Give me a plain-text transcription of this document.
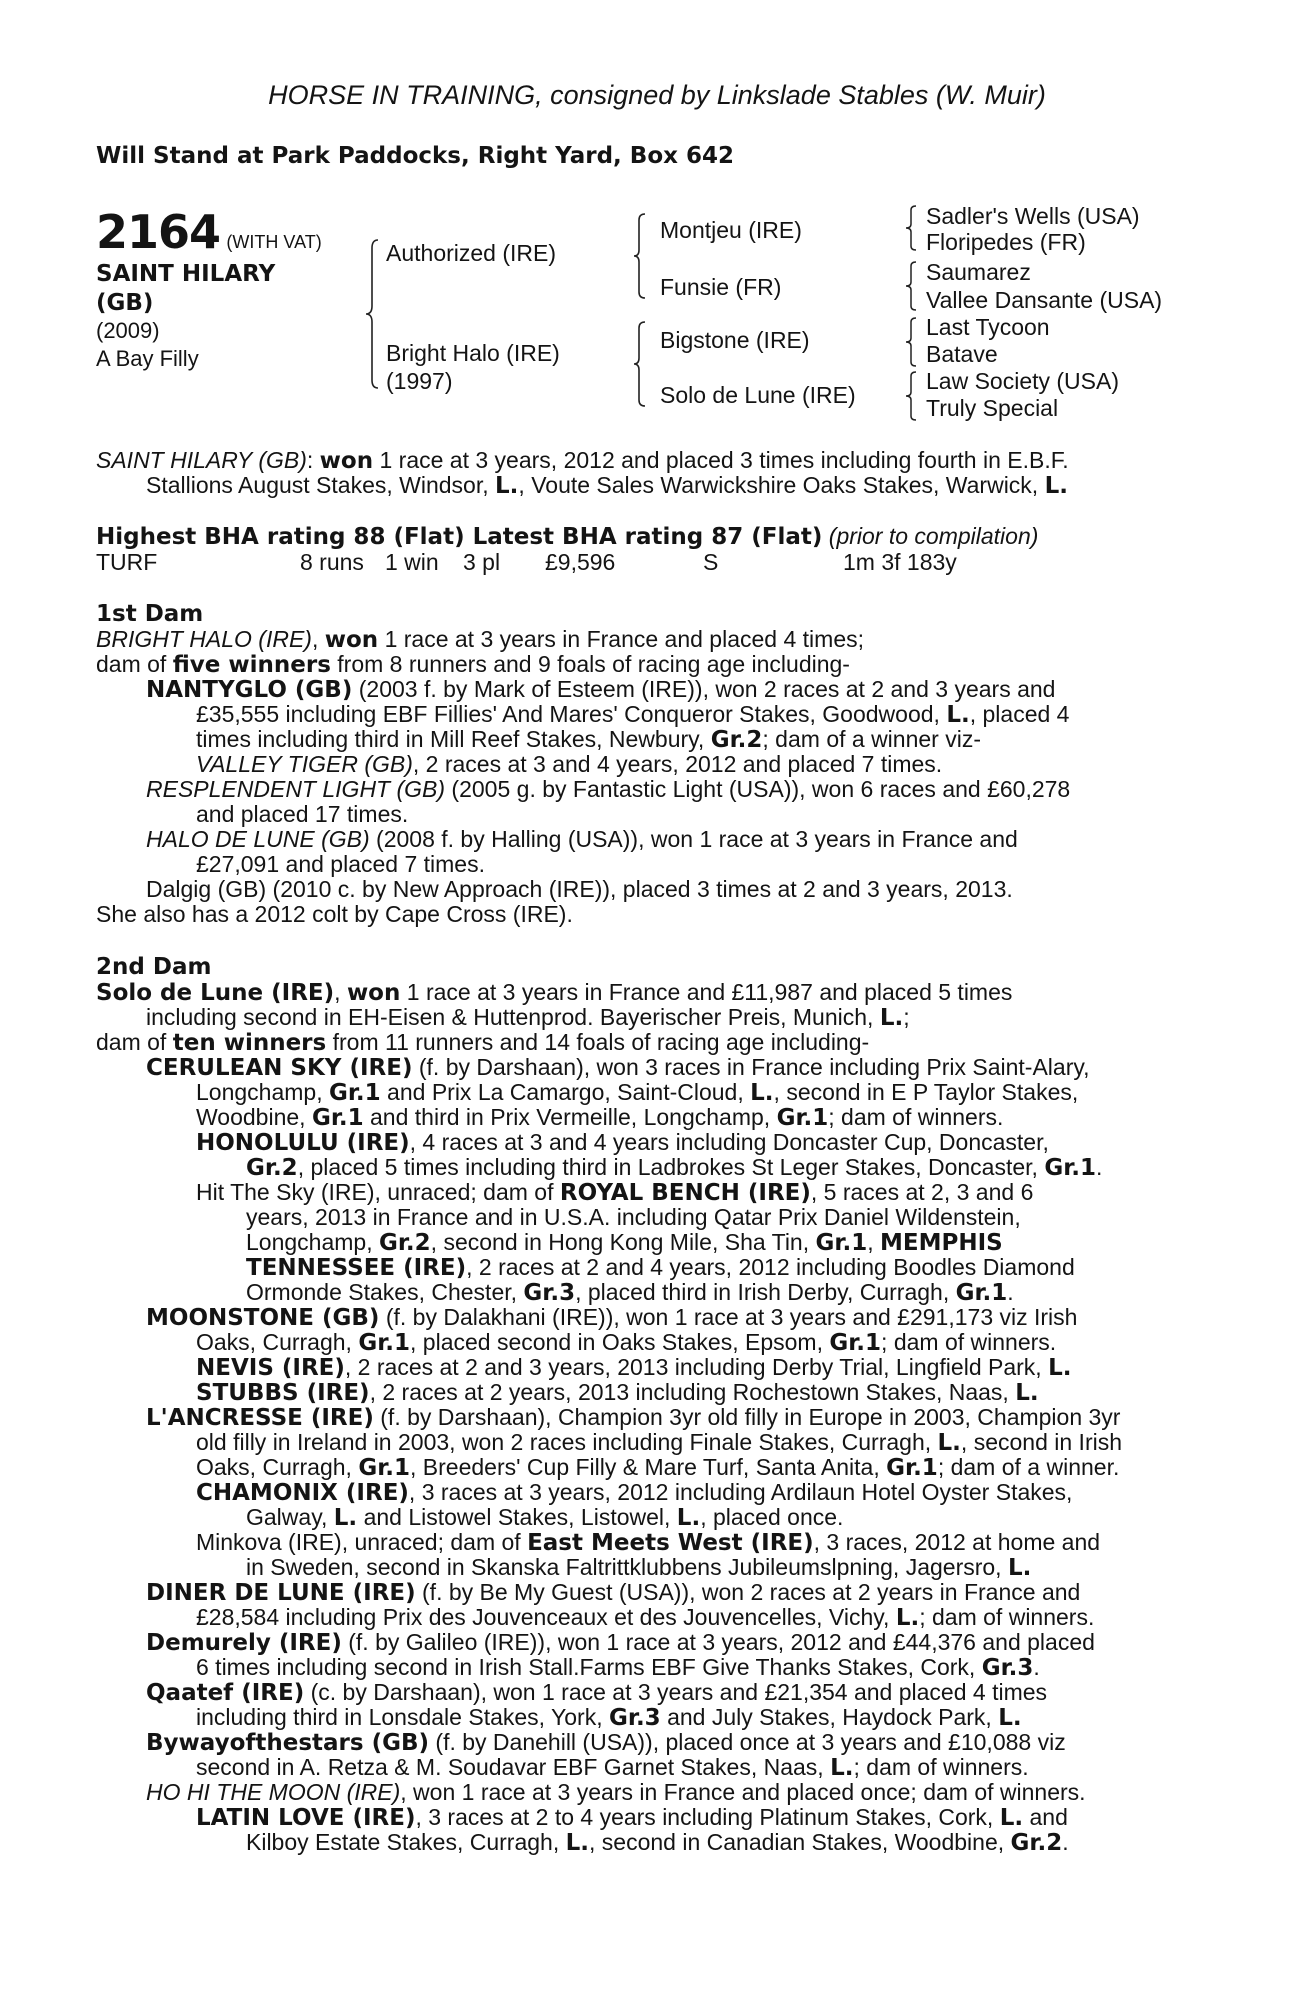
HORSE IN TRAINING, consigned by Linkslade Stables (W. Muir)
Will Stand at Park Paddocks, Right Yard, Box 642
2164 (WITH VAT)
SAINT HILARY
(GB)
(2009)
A Bay Filly
Authorized (IRE)
Bright Halo (IRE)
(1997)
Montjeu (IRE)
Funsie (FR)
Bigstone (IRE)
Solo de Lune (IRE)
Sadler's Wells (USA)
Floripedes (FR)
Saumarez
Vallee Dansante (USA)
Last Tycoon
Batave
Law Society (USA)
Truly Special
SAINT HILARY (GB): won 1 race at 3 years, 2012 and placed 3 times including fourth in E.B.F.
Stallions August Stakes, Windsor, L., Voute Sales Warwickshire Oaks Stakes, Warwick, L.
Highest BHA rating 88 (Flat) Latest BHA rating 87 (Flat) (prior to compilation)
TURF	8 runs 1 win 3 pl £9,596	S	1m 3f 183y
1st Dam
BRIGHT HALO (IRE), won 1 race at 3 years in France and placed 4 times;
dam of five winners from 8 runners and 9 foals of racing age including-
NANTYGLO (GB) (2003 f. by Mark of Esteem (IRE)), won 2 races at 2 and 3 years and
£35,555 including EBF Fillies' And Mares' Conqueror Stakes, Goodwood, L., placed 4
times including third in Mill Reef Stakes, Newbury, Gr.2; dam of a winner viz-
VALLEY TIGER (GB), 2 races at 3 and 4 years, 2012 and placed 7 times.
RESPLENDENT LIGHT (GB) (2005 g. by Fantastic Light (USA)), won 6 races and £60,278
and placed 17 times.
HALO DE LUNE (GB) (2008 f. by Halling (USA)), won 1 race at 3 years in France and
£27,091 and placed 7 times.
Dalgig (GB) (2010 c. by New Approach (IRE)), placed 3 times at 2 and 3 years, 2013.
She also has a 2012 colt by Cape Cross (IRE).
2nd Dam
Solo de Lune (IRE), won 1 race at 3 years in France and £11,987 and placed 5 times
including second in EH-Eisen & Huttenprod. Bayerischer Preis, Munich, L.;
dam of ten winners from 11 runners and 14 foals of racing age including-
CERULEAN SKY (IRE) (f. by Darshaan), won 3 races in France including Prix Saint-Alary,
Longchamp, Gr.1 and Prix La Camargo, Saint-Cloud, L., second in E P Taylor Stakes,
Woodbine, Gr.1 and third in Prix Vermeille, Longchamp, Gr.1; dam of winners.
HONOLULU (IRE), 4 races at 3 and 4 years including Doncaster Cup, Doncaster,
Gr.2, placed 5 times including third in Ladbrokes St Leger Stakes, Doncaster, Gr.1.
Hit The Sky (IRE), unraced; dam of ROYAL BENCH (IRE), 5 races at 2, 3 and 6
years, 2013 in France and in U.S.A. including Qatar Prix Daniel Wildenstein,
Longchamp, Gr.2, second in Hong Kong Mile, Sha Tin, Gr.1, MEMPHIS
TENNESSEE (IRE), 2 races at 2 and 4 years, 2012 including Boodles Diamond
Ormonde Stakes, Chester, Gr.3, placed third in Irish Derby, Curragh, Gr.1.
MOONSTONE (GB) (f. by Dalakhani (IRE)), won 1 race at 3 years and £291,173 viz Irish
Oaks, Curragh, Gr.1, placed second in Oaks Stakes, Epsom, Gr.1; dam of winners.
NEVIS (IRE), 2 races at 2 and 3 years, 2013 including Derby Trial, Lingfield Park, L.
STUBBS (IRE), 2 races at 2 years, 2013 including Rochestown Stakes, Naas, L.
L'ANCRESSE (IRE) (f. by Darshaan), Champion 3yr old filly in Europe in 2003, Champion 3yr
old filly in Ireland in 2003, won 2 races including Finale Stakes, Curragh, L., second in Irish
Oaks, Curragh, Gr.1, Breeders' Cup Filly & Mare Turf, Santa Anita, Gr.1; dam of a winner.
CHAMONIX (IRE), 3 races at 3 years, 2012 including Ardilaun Hotel Oyster Stakes,
Galway, L. and Listowel Stakes, Listowel, L., placed once.
Minkova (IRE), unraced; dam of East Meets West (IRE), 3 races, 2012 at home and
in Sweden, second in Skanska Faltrittklubbens Jubileumslpning, Jagersro, L.
DINER DE LUNE (IRE) (f. by Be My Guest (USA)), won 2 races at 2 years in France and
£28,584 including Prix des Jouvenceaux et des Jouvencelles, Vichy, L.; dam of winners.
Demurely (IRE) (f. by Galileo (IRE)), won 1 race at 3 years, 2012 and £44,376 and placed
6 times including second in Irish Stall.Farms EBF Give Thanks Stakes, Cork, Gr.3.
Qaatef (IRE) (c. by Darshaan), won 1 race at 3 years and £21,354 and placed 4 times
including third in Lonsdale Stakes, York, Gr.3 and July Stakes, Haydock Park, L.
Bywayofthestars (GB) (f. by Danehill (USA)), placed once at 3 years and £10,088 viz
second in A. Retza & M. Soudavar EBF Garnet Stakes, Naas, L.; dam of winners.
HO HI THE MOON (IRE), won 1 race at 3 years in France and placed once; dam of winners.
LATIN LOVE (IRE), 3 races at 2 to 4 years including Platinum Stakes, Cork, L. and
Kilboy Estate Stakes, Curragh, L., second in Canadian Stakes, Woodbine, Gr.2.
